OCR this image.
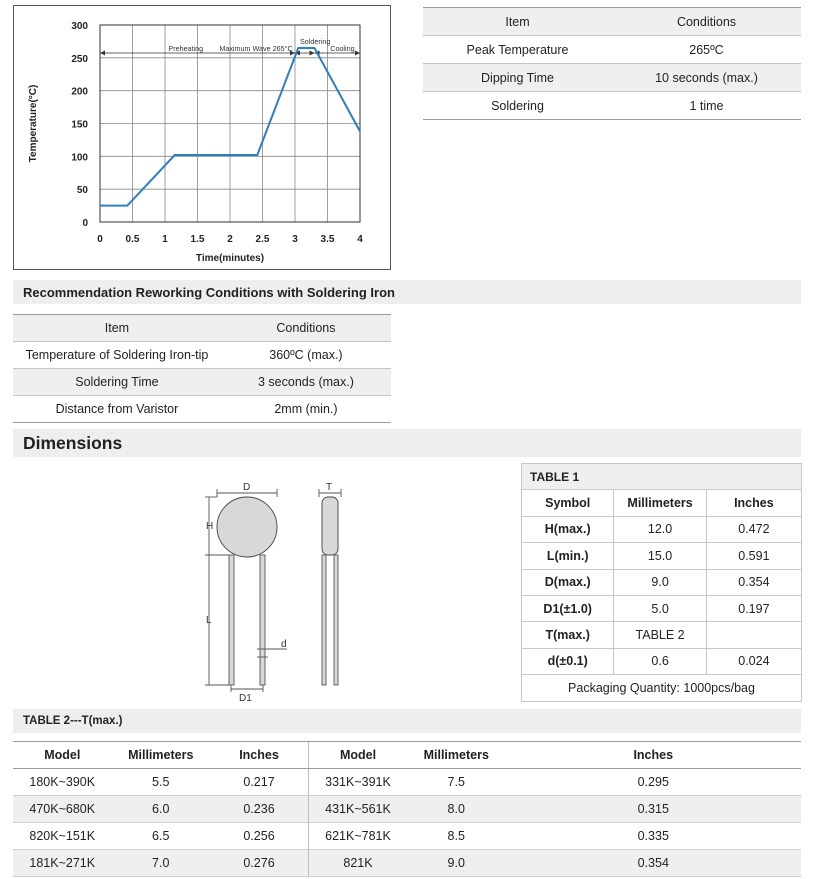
0 0.5 1 1.5 2 2.5 3 3.5 4
0
50
100
150
200
250
300
Time(minutes)
Temperature(°C)
Preheating Maximum Wave 265°C
Soldering
Cooling
Item	Conditions
Peak Temperature	265ºC
Dipping Time	10 seconds (max.)
Soldering	1 time
Recommendation Reworking Conditions with Soldering Iron
Item	Conditions
Temperature of Soldering Iron-tip	360ºC (max.)
Soldering Time	3 seconds (max.)
Distance from Varistor	2mm (min.)
Dimensions
D
H
L
D1
d
T
TABLE 1		
Symbol	Millimeters	Inches
H(max.)	12.0	0.472
L(min.)	15.0	0.591
D(max.)	9.0	0.354
D1(±1.0)	5.0	0.197
T(max.)	TABLE 2	
d(±0.1)	0.6	0.024
Packaging Quantity: 1000pcs/bag		
TABLE 2---T(max.)
Model	Millimeters	Inches	Model	Millimeters	Inches
180K~390K	5.5	0.217	331K~391K	7.5	0.295
470K~680K	6.0	0.236	431K~561K	8.0	0.315
820K~151K	6.5	0.256	621K~781K	8.5	0.335
181K~271K	7.0	0.276	821K	9.0	0.354
